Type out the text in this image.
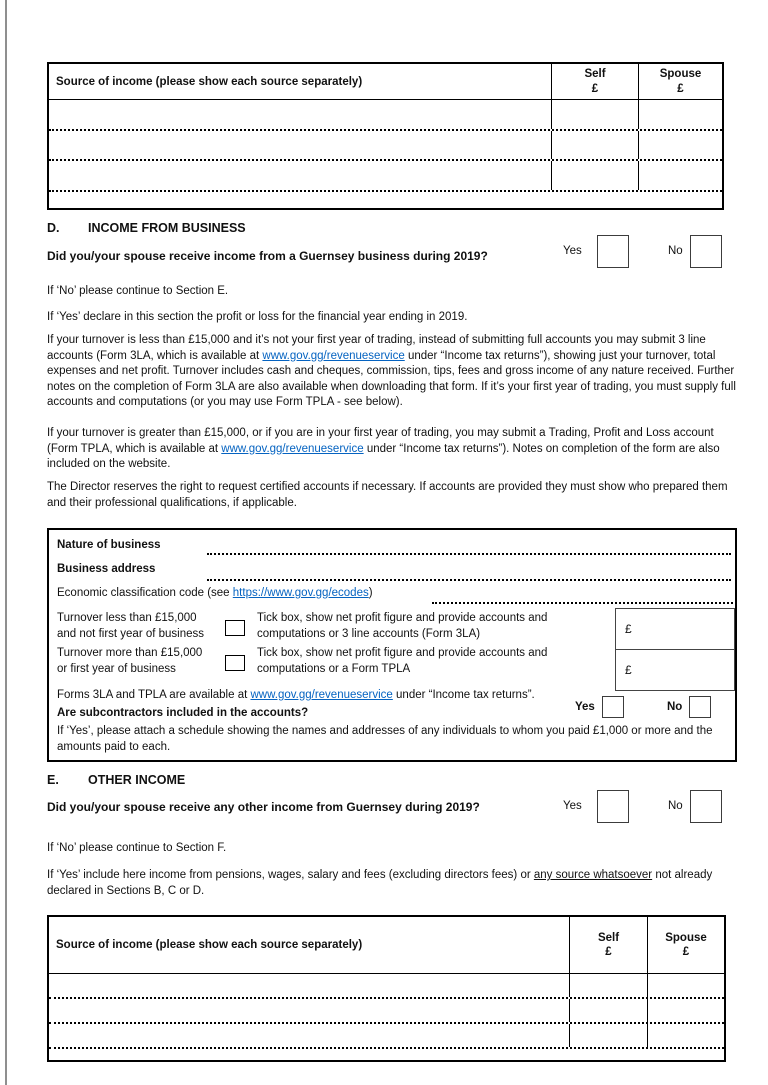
Source of income (please show each source separately)
Self
£
Spouse
£
D. INCOME FROM BUSINESS
Did you/your spouse receive income from a Guernsey business during 2019?	Yes	No
If ‘No’ please continue to Section E.
If ‘Yes’ declare in this section the profit or loss for the financial year ending in 2019.
If your turnover is less than £15,000 and it’s not your first year of trading, instead of submitting full accounts you may submit 3 line accounts (Form 3LA, which is available at www.gov.gg/revenueservice under “Income tax returns”), showing just your turnover, total expenses and net profit. Turnover includes cash and cheques, commission, tips, fees and gross income of any nature received. Further notes on the completion of Form 3LA are also available when downloading that form. If it’s your first year of trading, you must supply full accounts and computations (or you may use Form TPLA - see below).
If your turnover is greater than £15,000, or if you are in your first year of trading, you may submit a Trading, Profit and Loss account (Form TPLA, which is available at www.gov.gg/revenueservice under “Income tax returns”). Notes on completion of the form are also included on the website.
The Director reserves the right to request certified accounts if necessary. If accounts are provided they must show who prepared them and their professional qualifications, if applicable.
Nature of business
Business address
Economic classification code (see https://www.gov.gg/ecodes)
Turnover less than £15,000
and not first year of business
Tick box, show net profit figure and provide accounts and
computations or 3 line accounts (Form 3LA)	£
Turnover more than £15,000
or first year of business
Tick box, show net profit figure and provide accounts and
computations or a Form TPLA	£
Forms 3LA and TPLA are available at www.gov.gg/revenueservice under “Income tax returns”.
Are subcontractors included in the accounts?	Yes	No
If ‘Yes’, please attach a schedule showing the names and addresses of any individuals to whom you paid £1,000 or more and the amounts paid to each.
E. OTHER INCOME
Did you/your spouse receive any other income from Guernsey during 2019?	Yes	No
If ‘No’ please continue to Section F.
If ‘Yes’ include here income from pensions, wages, salary and fees (excluding directors fees) or any source whatsoever not already declared in Sections B, C or D.
Source of income (please show each source separately)
Self
£
Spouse
£
